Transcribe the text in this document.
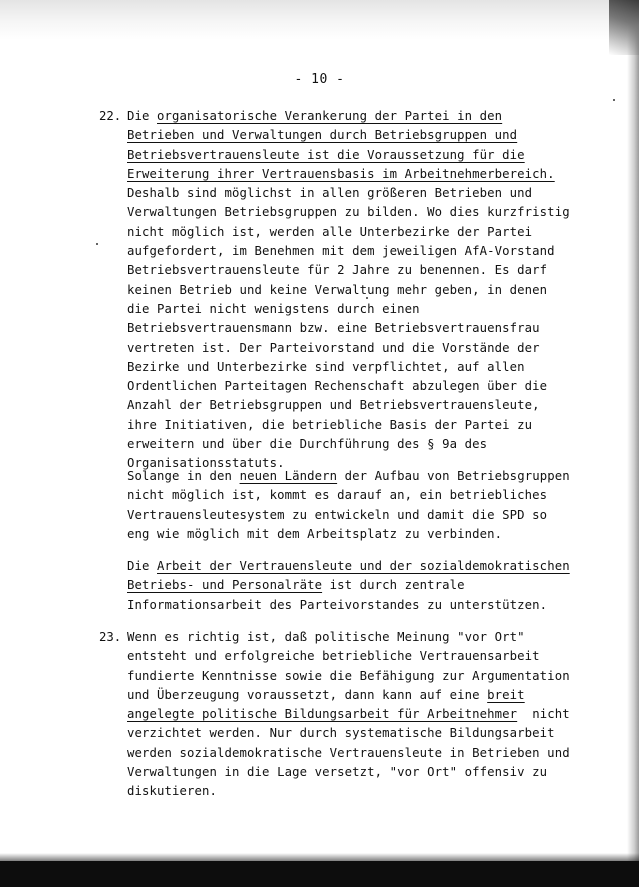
- 10 -
22. Die organisatorische Verankerung der Partei in den
Betrieben und Verwaltungen durch Betriebsgruppen und
Betriebsvertrauensleute ist die Voraussetzung für die
Erweiterung ihrer Vertrauensbasis im Arbeitnehmerbereich.
Deshalb sind möglichst in allen größeren Betrieben und
Verwaltungen Betriebsgruppen zu bilden. Wo dies kurzfristig
nicht möglich ist, werden alle Unterbezirke der Partei
aufgefordert, im Benehmen mit dem jeweiligen AfA-Vorstand
Betriebsvertrauensleute für 2 Jahre zu benennen. Es darf
keinen Betrieb und keine Verwaltung mehr geben, in denen
die Partei nicht wenigstens durch einen
Betriebsvertrauensmann bzw. eine Betriebsvertrauensfrau
vertreten ist. Der Parteivorstand und die Vorstände der
Bezirke und Unterbezirke sind verpflichtet, auf allen
Ordentlichen Parteitagen Rechenschaft abzulegen über die
Anzahl der Betriebsgruppen und Betriebsvertrauensleute,
ihre Initiativen, die betriebliche Basis der Partei zu
erweitern und über die Durchführung des § 9a des
Organisationsstatuts.

Solange in den neuen Ländern der Aufbau von Betriebsgruppen
nicht möglich ist, kommt es darauf an, ein betriebliches
Vertrauensleutesystem zu entwickeln und damit die SPD so
eng wie möglich mit dem Arbeitsplatz zu verbinden.

Die Arbeit der Vertrauensleute und der sozialdemokratischen
Betriebs- und Personalräte ist durch zentrale
Informationsarbeit des Parteivorstandes zu unterstützen.

23. Wenn es richtig ist, daß politische Meinung "vor Ort"
entsteht und erfolgreiche betriebliche Vertrauensarbeit
fundierte Kenntnisse sowie die Befähigung zur Argumentation
und Überzeugung voraussetzt, dann kann auf eine breit
angelegte politische Bildungsarbeit für Arbeitnehmer  nicht
verzichtet werden. Nur durch systematische Bildungsarbeit
werden sozialdemokratische Vertrauensleute in Betrieben und
Verwaltungen in die Lage versetzt, "vor Ort" offensiv zu
diskutieren.
